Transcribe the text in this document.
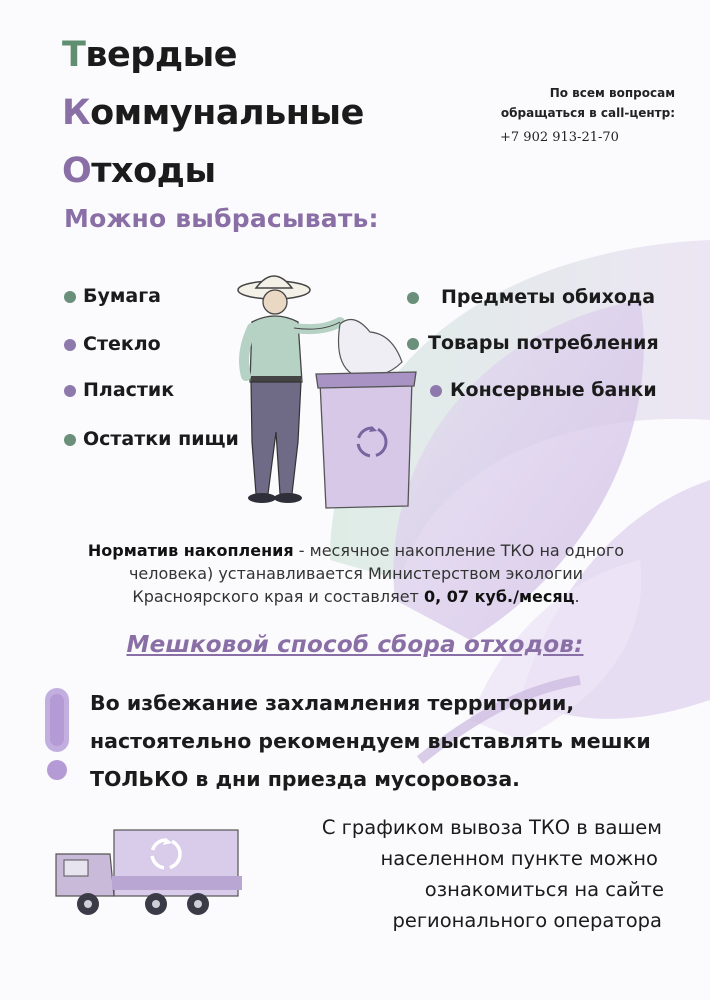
Твердые
Коммунальные
Отходы
По всем вопросам
обращаться в call-центр:
+7 902 913-21-70
Можно выбрасывать:
Бумага
Стекло
Пластик
Остатки пищи
Предметы обихода
Товары потребления
Консервные банки
Норматив накопления - месячное накопление ТКО на одного
человека) устанавливается Министерством экологии
Красноярского края и составляет 0, 07 куб./месяц.
Мешковой способ сбора отходов:
Во избежание захламления территории,
настоятельно рекомендуем выставлять мешки
ТОЛЬКО в дни приезда мусоровоза.
С графиком вывоза ТКО в вашем
населенном пункте можно
ознакомиться на сайте
регионального оператора
